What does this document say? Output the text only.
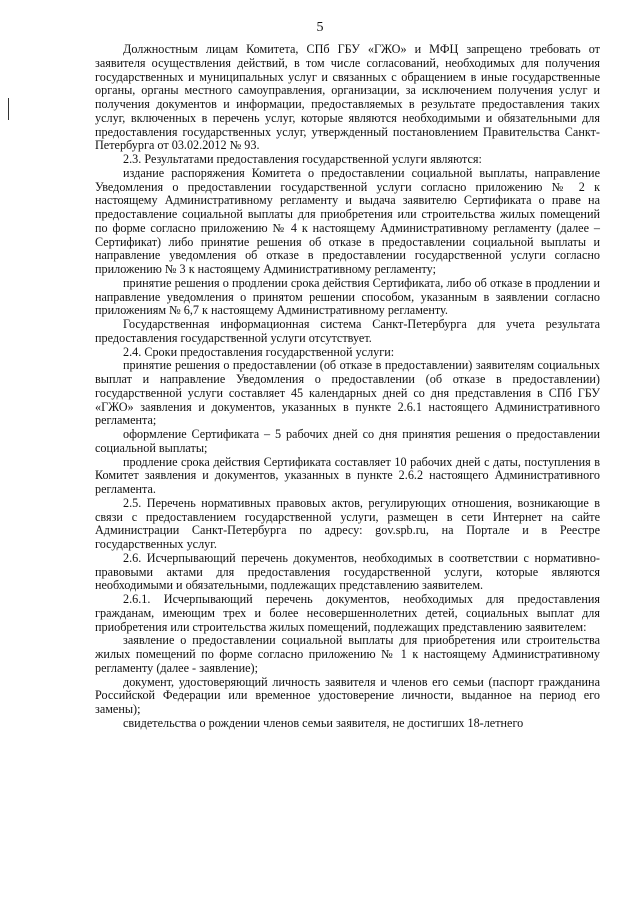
5

Должностным лицам Комитета, СПб ГБУ «ГЖО» и МФЦ запрещено требовать от заявителя осуществления действий, в том числе согласований, необходимых для получения государственных и муниципальных услуг и связанных с обращением в иные государственные органы, органы местного самоуправления, организации, за исключением получения услуг и получения документов и информации, предоставляемых в результате предоставления таких услуг, включенных в перечень услуг, которые являются необходимыми и обязательными для предоставления государственных услуг, утвержденный постановлением Правительства Санкт-Петербурга от 03.02.2012 № 93.

2.3. Результатами предоставления государственной услуги являются:

издание распоряжения Комитета о предоставлении социальной выплаты, направление Уведомления о предоставлении государственной услуги согласно приложению № 2 к настоящему Административному регламенту и выдача заявителю Сертификата о праве на предоставление социальной выплаты для приобретения или строительства жилых помещений по форме согласно приложению № 4 к настоящему Административному регламенту (далее – Сертификат) либо принятие решения об отказе в предоставлении социальной выплаты и направление уведомления об отказе в предоставлении государственной услуги согласно приложению № 3 к настоящему Административному регламенту;

принятие решения о продлении срока действия Сертификата, либо об отказе в продлении и направление уведомления о принятом решении способом, указанным в заявлении согласно приложениям № 6,7 к настоящему Административному регламенту.

Государственная информационная система Санкт-Петербурга для учета результата предоставления государственной услуги отсутствует.

2.4. Сроки предоставления государственной услуги:

принятие решения о предоставлении (об отказе в предоставлении) заявителям социальных выплат и направление Уведомления о предоставлении (об отказе в предоставлении) государственной услуги составляет 45 календарных дней со дня представления в СПб ГБУ «ГЖО» заявления и документов, указанных в пункте 2.6.1 настоящего Административного регламента;

оформление Сертификата – 5 рабочих дней со дня принятия решения о предоставлении социальной выплаты;

продление срока действия Сертификата составляет 10 рабочих дней с даты, поступления в Комитет заявления и документов, указанных в пункте 2.6.2 настоящего Административного регламента.

2.5. Перечень нормативных правовых актов, регулирующих отношения, возникающие в связи с предоставлением государственной услуги, размещен в сети Интернет на сайте Администрации Санкт-Петербурга по адресу: gov.spb.ru, на Портале и в Реестре государственных услуг.

2.6. Исчерпывающий перечень документов, необходимых в соответствии с нормативно-правовыми актами для предоставления государственной услуги, которые являются необходимыми и обязательными, подлежащих представлению заявителем.

2.6.1. Исчерпывающий перечень документов, необходимых для предоставления гражданам, имеющим трех и более несовершеннолетних детей, социальных выплат для приобретения или строительства жилых помещений, подлежащих представлению заявителем:

заявление о предоставлении социальной выплаты для приобретения или строительства жилых помещений по форме согласно приложению № 1 к настоящему Административному регламенту (далее - заявление);

документ, удостоверяющий личность заявителя и членов его семьи (паспорт гражданина Российской Федерации или временное удостоверение личности, выданное на период его замены);

свидетельства о рождении членов семьи заявителя, не достигших 18-летнего
